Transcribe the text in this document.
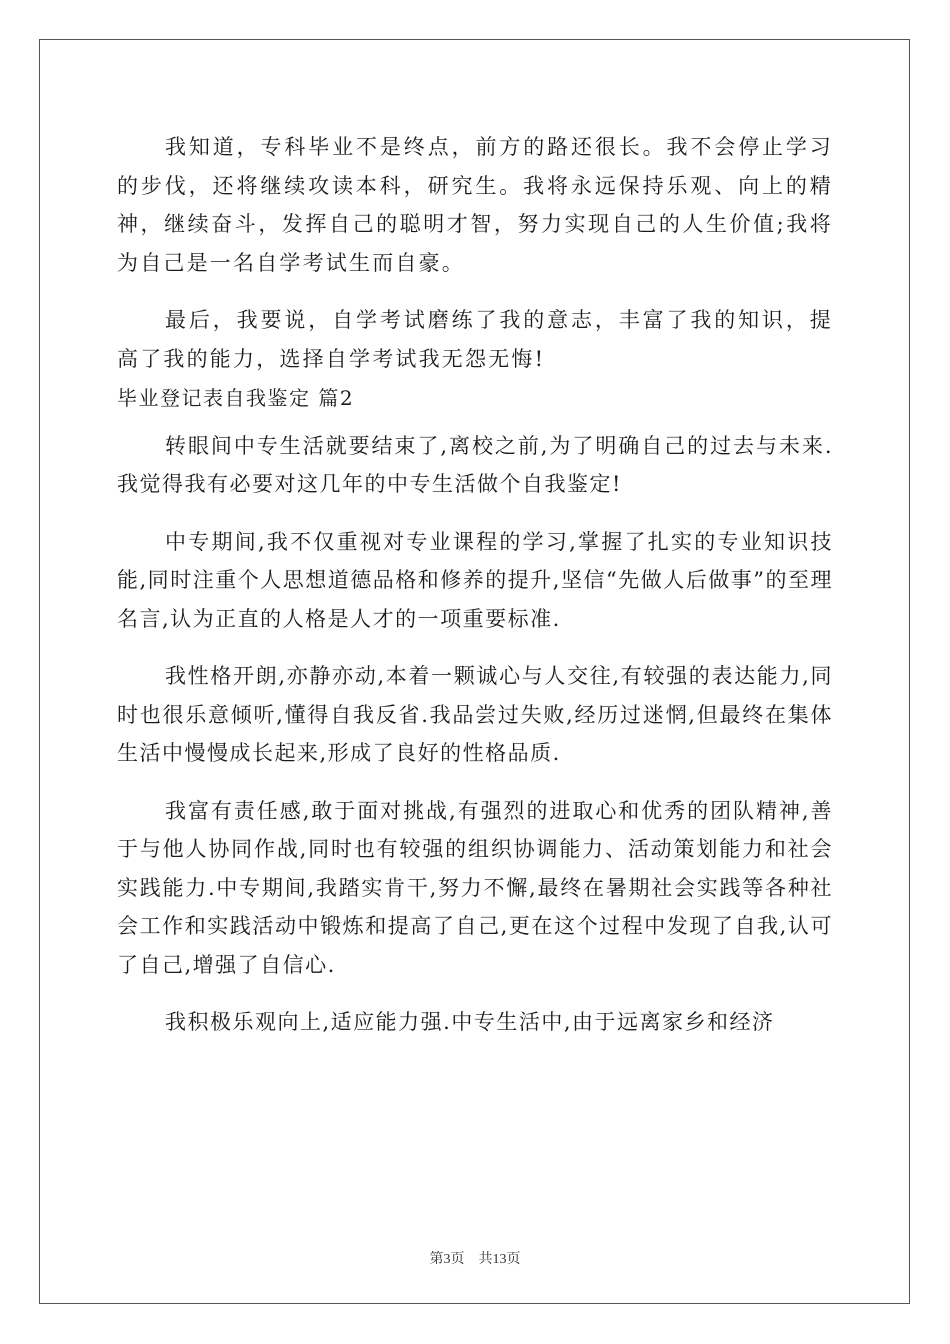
我知道，专科毕业不是终点，前方的路还很长。我不会停止学习的步伐，还将继续攻读本科，研究生。我将永远保持乐观、向上的精神，继续奋斗，发挥自己的聪明才智，努力实现自己的人生价值;我将为自己是一名自学考试生而自豪。

最后，我要说，自学考试磨练了我的意志，丰富了我的知识，提高了我的能力，选择自学考试我无怨无悔!

毕业登记表自我鉴定 篇2

转眼间中专生活就要结束了,离校之前,为了明确自己的过去与未来.我觉得我有必要对这几年的中专生活做个自我鉴定!

中专期间,我不仅重视对专业课程的学习,掌握了扎实的专业知识技能,同时注重个人思想道德品格和修养的提升,坚信“先做人后做事”的至理名言,认为正直的人格是人才的一项重要标准.

我性格开朗,亦静亦动,本着一颗诚心与人交往,有较强的表达能力,同时也很乐意倾听,懂得自我反省.我品尝过失败,经历过迷惘,但最终在集体生活中慢慢成长起来,形成了良好的性格品质.

我富有责任感,敢于面对挑战,有强烈的进取心和优秀的团队精神,善于与他人协同作战,同时也有较强的组织协调能力、活动策划能力和社会实践能力.中专期间,我踏实肯干,努力不懈,最终在暑期社会实践等各种社会工作和实践活动中锻炼和提高了自己,更在这个过程中发现了自我,认可了自己,增强了自信心.

我积极乐观向上,适应能力强.中专生活中,由于远离家乡和经济

第3页 共13页
